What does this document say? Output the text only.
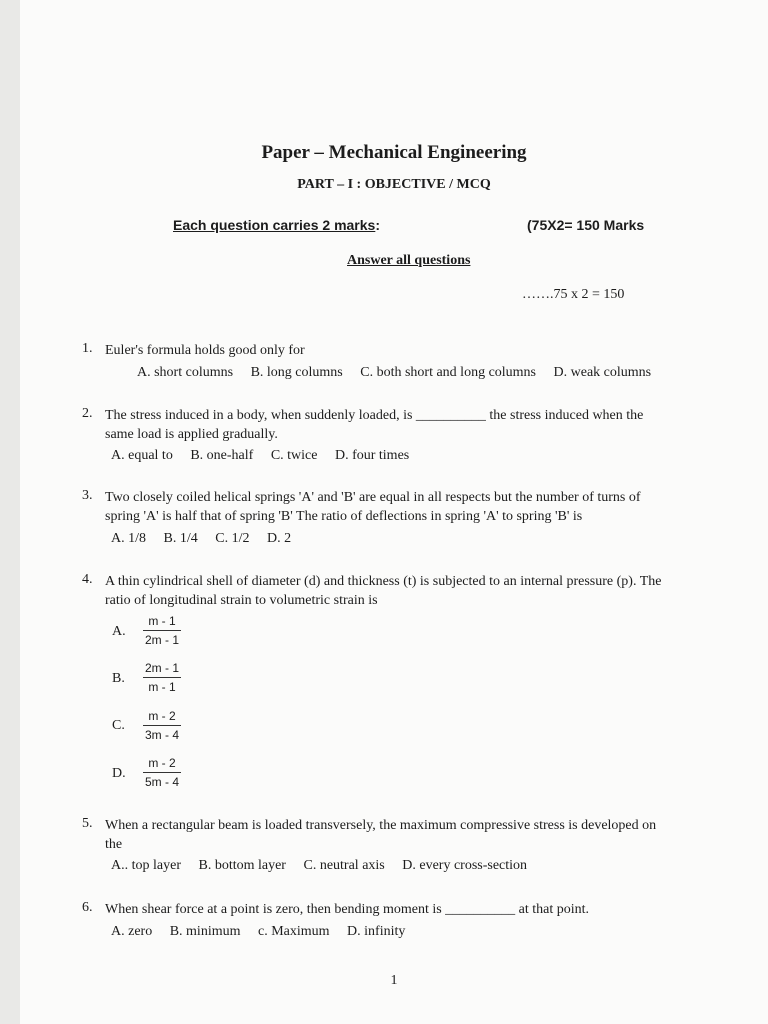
Paper – Mechanical Engineering
PART – I : OBJECTIVE / MCQ
Each question carries 2 marks:	(75X2= 150 Marks
Answer all questions
…….75 x 2 = 150
1. Euler's formula holds good only for
A. short columns B. long columns C. both short and long columns D. weak columns
2. The stress induced in a body, when suddenly loaded, is __________ the stress induced when the
same load is applied gradually.
A. equal to B. one-half C. twice D. four times
3. Two closely coiled helical springs 'A' and 'B' are equal in all respects but the number of turns of
spring 'A' is half that of spring 'B' The ratio of deflections in spring 'A' to spring 'B' is
A. 1/8 B. 1/4 C. 1/2 D. 2
4. A thin cylindrical shell of diameter (d) and thickness (t) is subjected to an internal pressure (p). The
ratio of longitudinal strain to volumetric strain is
A. $\frac{m - 1}{2m - 1}$
B. $\frac{2m - 1}{m - 1}$
C. $\frac{m - 2}{3m - 4}$
D. $\frac{m - 2}{5m - 4}$
5. When a rectangular beam is loaded transversely, the maximum compressive stress is developed on
the
A.. top layer B. bottom layer C. neutral axis D. every cross-section
6. When shear force at a point is zero, then bending moment is __________ at that point.
A. zero B. minimum c. Maximum D. infinity
1
